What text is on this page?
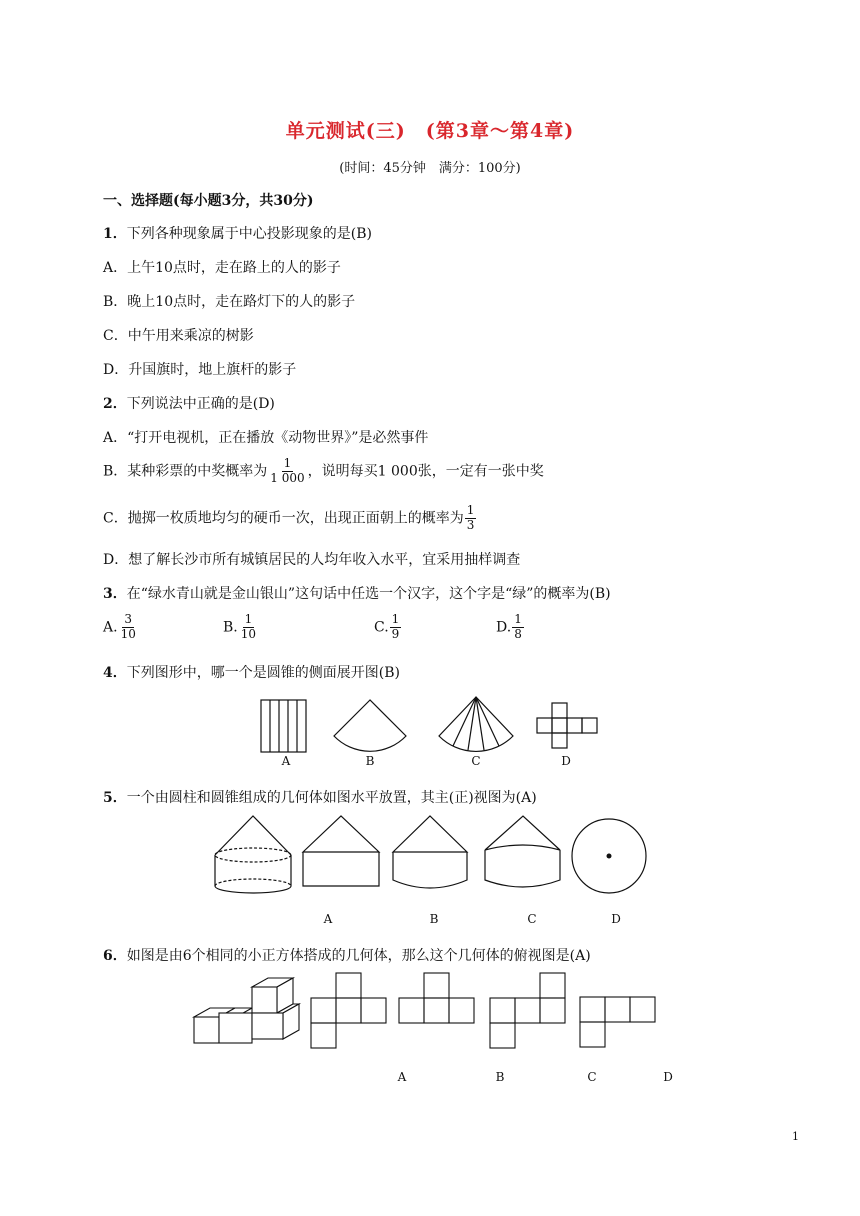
单元测试(三)　(第3章～第4章)
(时间：45分钟　满分：100分)
一、选择题(每小题3分，共30分)
1．下列各种现象属于中心投影现象的是(B)
A．上午10点时，走在路上的人的影子
B．晚上10点时，走在路灯下的人的影子
C．中午用来乘凉的树影
D．升国旗时，地上旗杆的影子
2．下列说法中正确的是(D)
A．“打开电视机，正在播放《动物世界》”是必然事件
B．某种彩票的中奖概率为 $\frac{1}{1 000}$ ，说明每买1 000张，一定有一张中奖
C．抛掷一枚质地均匀的硬币一次，出现正面朝上的概率为 $\frac{1}{3}$
D．想了解长沙市所有城镇居民的人均年收入水平，宜采用抽样调查
3．在“绿水青山就是金山银山”这句话中任选一个汉字，这个字是“绿”的概率为(B)
A. $\frac{3}{10}$	B. $\frac{1}{10}$	C. $\frac{1}{9}$	D. $\frac{1}{8}$
4．下列图形中，哪一个是圆锥的侧面展开图(B)
A	B	C	D
5．一个由圆柱和圆锥组成的几何体如图水平放置，其主(正)视图为(A)
A	B	C	D
6．如图是由6个相同的小正方体搭成的几何体，那么这个几何体的俯视图是(A)
A	B	C	D
1
